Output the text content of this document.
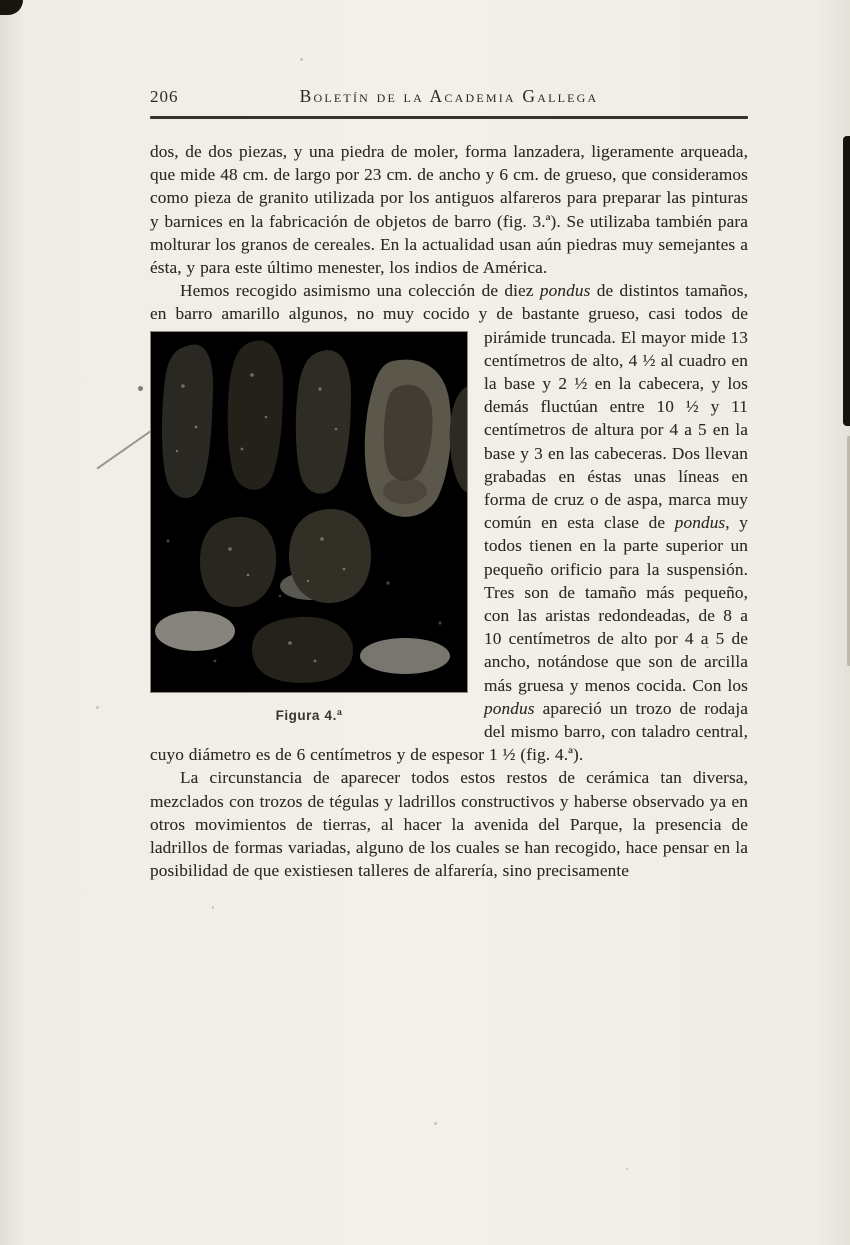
206	Boletín de la Academia Gallega

dos, de dos piezas, y una piedra de moler, forma lanzadera, ligeramente arqueada, que mide 48 cm. de largo por 23 cm. de ancho y 6 cm. de grueso, que consideramos como pieza de granito utilizada por los antiguos alfareros para preparar las pinturas y barnices en la fabricación de objetos de barro (fig. 3.ª). Se utilizaba también para molturar los granos de cereales. En la actualidad usan aún piedras muy semejantes a ésta, y para este último menester, los indios de América.

Hemos recogido asimismo una colección de diez pondus de distintos tamaños, en barro amarillo algunos, no muy cocido y de bastante grueso, casi todos de pirámide truncada. El mayor mide
Figura 4.ª
13 centímetros de alto, 4 ½ al cuadro en la base y 2 ½ en la cabecera, y los demás fluctúan entre 10 ½ y 11 centímetros de altura por 4 a 5 en la base y 3 en las cabeceras. Dos llevan grabadas en éstas unas líneas en forma de cruz o de aspa, marca muy común en esta clase de pondus, y todos tienen en la parte superior un pequeño orificio para la suspensión. Tres son de tamaño más pequeño, con las aristas redondeadas, de 8 a 10 centímetros de alto por 4 a 5 de ancho, notándose que son de arcilla más gruesa y menos cocida. Con los pondus apareció un trozo de rodaja del mismo barro, con taladro central, cuyo diámetro es de 6 centímetros y de espesor 1 ½ (fig. 4.ª).

La circunstancia de aparecer todos estos restos de cerámica tan diversa, mezclados con trozos de tégulas y ladrillos constructivos y haberse observado ya en otros movimientos de tierras, al hacer la avenida del Parque, la presencia de ladrillos de formas variadas, alguno de los cuales se han recogido, hace pensar en la posibilidad de que existiesen talleres de alfarería, sino precisamente
